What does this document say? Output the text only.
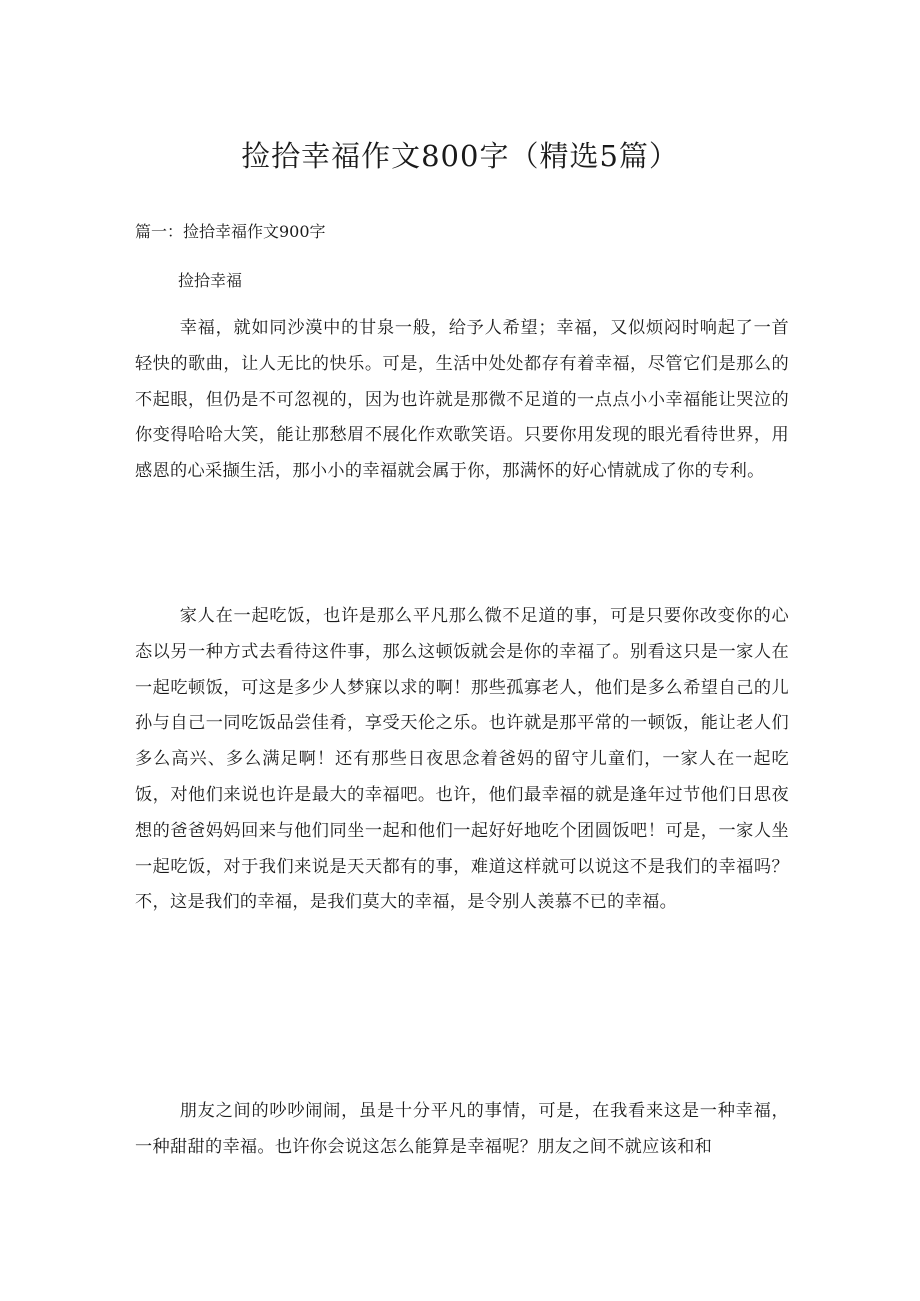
捡拾幸福作文800字（精选5篇）
篇一：捡拾幸福作文900字
捡拾幸福

幸福，就如同沙漠中的甘泉一般，给予人希望；幸福，又似烦闷时响起了一首轻快的歌曲，让人无比的快乐。可是，生活中处处都存有着幸福，尽管它们是那么的不起眼，但仍是不可忽视的，因为也许就是那微不足道的一点点小小幸福能让哭泣的你变得哈哈大笑，能让那愁眉不展化作欢歌笑语。只要你用发现的眼光看待世界，用感恩的心采撷生活，那小小的幸福就会属于你，那满怀的好心情就成了你的专利。

家人在一起吃饭，也许是那么平凡那么微不足道的事，可是只要你改变你的心态以另一种方式去看待这件事，那么这顿饭就会是你的幸福了。别看这只是一家人在一起吃顿饭，可这是多少人梦寐以求的啊！那些孤寡老人，他们是多么希望自己的儿孙与自己一同吃饭品尝佳肴，享受天伦之乐。也许就是那平常的一顿饭，能让老人们多么高兴、多么满足啊！还有那些日夜思念着爸妈的留守儿童们，一家人在一起吃饭，对他们来说也许是最大的幸福吧。也许，他们最幸福的就是逢年过节他们日思夜想的爸爸妈妈回来与他们同坐一起和他们一起好好地吃个团圆饭吧！可是，一家人坐一起吃饭，对于我们来说是天天都有的事，难道这样就可以说这不是我们的幸福吗？不，这是我们的幸福，是我们莫大的幸福，是令别人羡慕不已的幸福。

朋友之间的吵吵闹闹，虽是十分平凡的事情，可是，在我看来这是一种幸福，一种甜甜的幸福。也许你会说这怎么能算是幸福呢？朋友之间不就应该和和
